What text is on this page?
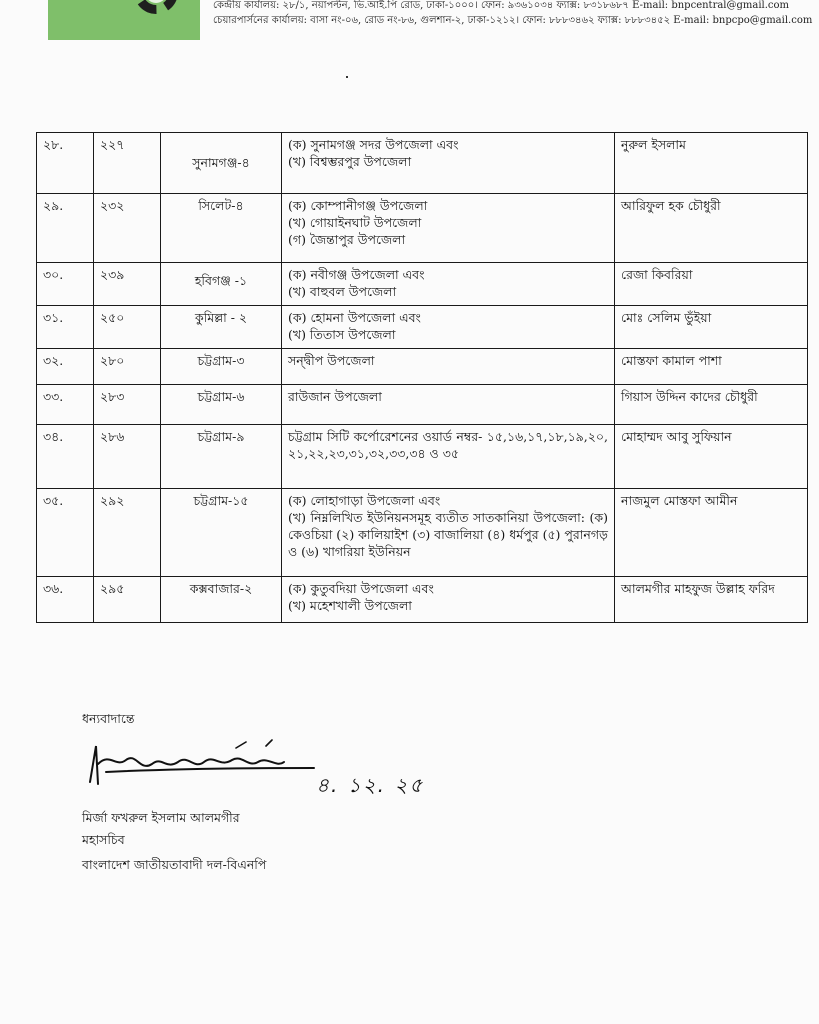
কেন্দ্রীয় কার্যালয়: ২৮/১, নয়াপল্টন, ভি.আই.পি রোড, ঢাকা-১০০০। ফোন: ৯৩৬১০৩৪ ফ্যাক্স: ৮৩১৮৬৮৭ E-mail: bnpcentral@gmail.com
চেয়ারপার্সনের কার্যালয়: বাসা নং-০৬, রোড নং-৮৬, গুলশান-২, ঢাকা-১২১২। ফোন: ৮৮৮৩৪৬২ ফ্যাক্স: ৮৮৮৩৪৫২ E-mail: bnpcpo@gmail.com
২৮.	২২৭	সুনামগঞ্জ-৪	(ক) সুনামগঞ্জ সদর উপজেলা এবং
(খ) বিশ্বম্ভরপুর উপজেলা	নুরুল ইসলাম
২৯.	২৩২	সিলেট-৪	(ক) কোম্পানীগঞ্জ উপজেলা
(খ) গোয়াইনঘাট উপজেলা
(গ) জৈন্তাপুর উপজেলা	আরিফুল হক চৌধুরী
৩০.	২৩৯	হবিগঞ্জ -১	(ক) নবীগঞ্জ উপজেলা এবং
(খ) বাহুবল উপজেলা	রেজা কিবরিয়া
৩১.	২৫০	কুমিল্লা - ২	(ক) হোমনা উপজেলা এবং
(খ) তিতাস উপজেলা	মোঃ সেলিম ভুঁইয়া
৩২.	২৮০	চট্টগ্রাম-৩	সন্দ্বীপ উপজেলা	মোস্তফা কামাল পাশা
৩৩.	২৮৩	চট্টগ্রাম-৬	রাউজান উপজেলা	গিয়াস উদ্দিন কাদের চৌধুরী
৩৪.	২৮৬	চট্টগ্রাম-৯	চট্টগ্রাম সিটি কর্পোরেশনের ওয়ার্ড নম্বর- ১৫,১৬,১৭,১৮,১৯,২০, ২১,২২,২৩,৩১,৩২,৩৩,৩৪ ও ৩৫	মোহাম্মদ আবু সুফিয়ান
৩৫.	২৯২	চট্টগ্রাম-১৫	(ক) লোহাগাড়া উপজেলা এবং
(খ) নিম্নলিখিত ইউনিয়নসমূহ ব্যতীত সাতকানিয়া উপজেলা: (ক) কেওচিয়া (২) কালিয়াইশ (৩) বাজালিয়া (৪) ধর্মপুর (৫) পুরানগড় ও (৬) খাগরিয়া ইউনিয়ন	নাজমুল মোস্তফা আমীন
৩৬.	২৯৫	কক্সবাজার-২	(ক) কুতুবদিয়া উপজেলা এবং
(খ) মহেশখালী উপজেলা	আলমগীর মাহফুজ উল্লাহ ফরিদ
ধন্যবাদান্তে
৪. ১২. ২৫
মির্জা ফখরুল ইসলাম আলমগীর
মহাসচিব
বাংলাদেশ জাতীয়তাবাদী দল-বিএনপি
